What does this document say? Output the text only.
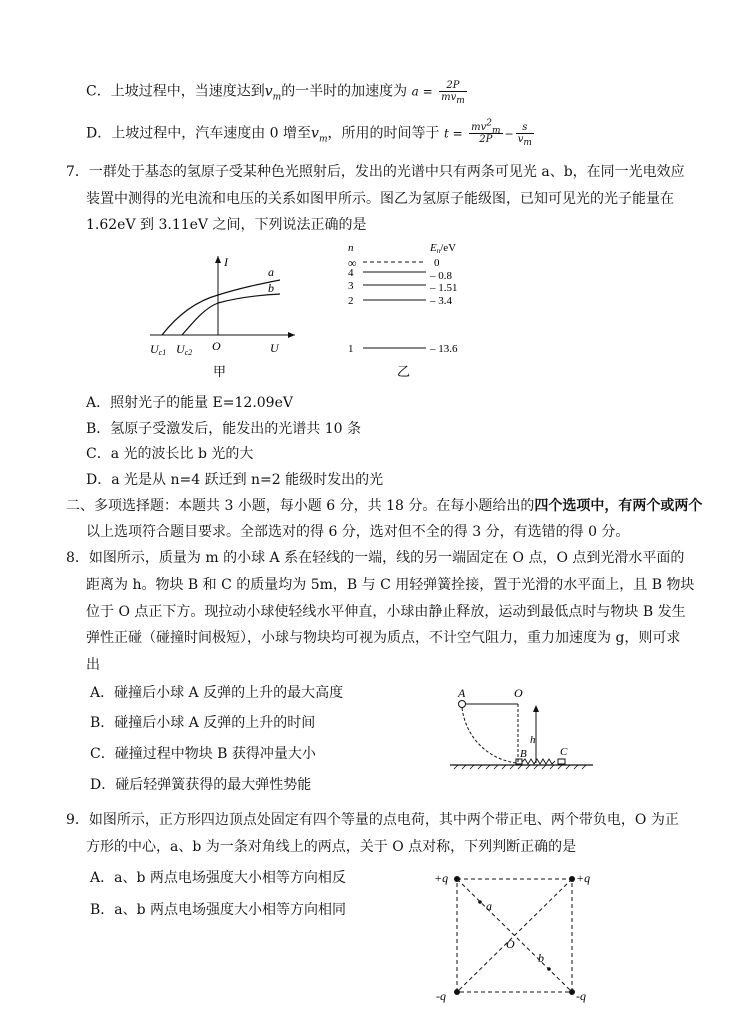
C．上坡过程中，当速度达到$v_m$的一半时的加速度为 $a = \frac{2P}{mv_m}$
D．上坡过程中，汽车速度由 0 增至$v_m$，所用的时间等于 $t = \frac{mv^2_m}{2P} - \frac{s}{v_m}$
7．一群处于基态的氢原子受某种色光照射后，发出的光谱中只有两条可见光 a、b，在同一光电效应
装置中测得的光电流和电压的关系如图甲所示。图乙为氢原子能级图，已知可见光的光子能量在
1.62eV 到 3.11eV 之间，下列说法正确的是
I
a
b
O	U
Uc1 Uc2
甲
n	En/eV
∞	0
4	– 0.8
3	– 1.51
2	– 3.4
1	– 13.6
乙
A．照射光子的能量 E=12.09eV
B．氢原子受激发后，能发出的光谱共 10 条
C．a 光的波长比 b 光的大
D．a 光是从 n=4 跃迁到 n=2 能级时发出的光
二、多项选择题：本题共 3 小题，每小题 6 分，共 18 分。在每小题给出的四个选项中，有两个或两个
以上选项符合题目要求。全部选对的得 6 分，选对但不全的得 3 分，有选错的得 0 分。
8．如图所示，质量为 m 的小球 A 系在轻线的一端，线的另一端固定在 O 点，O 点到光滑水平面的
距离为 h。物块 B 和 C 的质量均为 5m，B 与 C 用轻弹簧拴接，置于光滑的水平面上，且 B 物块
位于 O 点正下方。现拉动小球使轻线水平伸直，小球由静止释放，运动到最低点时与物块 B 发生
弹性正碰（碰撞时间极短），小球与物块均可视为质点，不计空气阻力，重力加速度为 g，则可求
出
A．碰撞后小球 A 反弹的上升的最大高度
B．碰撞后小球 A 反弹的上升的时间
C．碰撞过程中物块 B 获得冲量大小
D．碰后轻弹簧获得的最大弹性势能
A	O
h
B	C
9．如图所示，正方形四边顶点处固定有四个等量的点电荷，其中两个带正电、两个带负电，O 为正
方形的中心，a、b 为一条对角线上的两点，关于 O 点对称，下列判断正确的是
A．a、b 两点电场强度大小相等方向相反
B．a、b 两点电场强度大小相等方向相同
+q	+q
-q	-q
a
b
O
